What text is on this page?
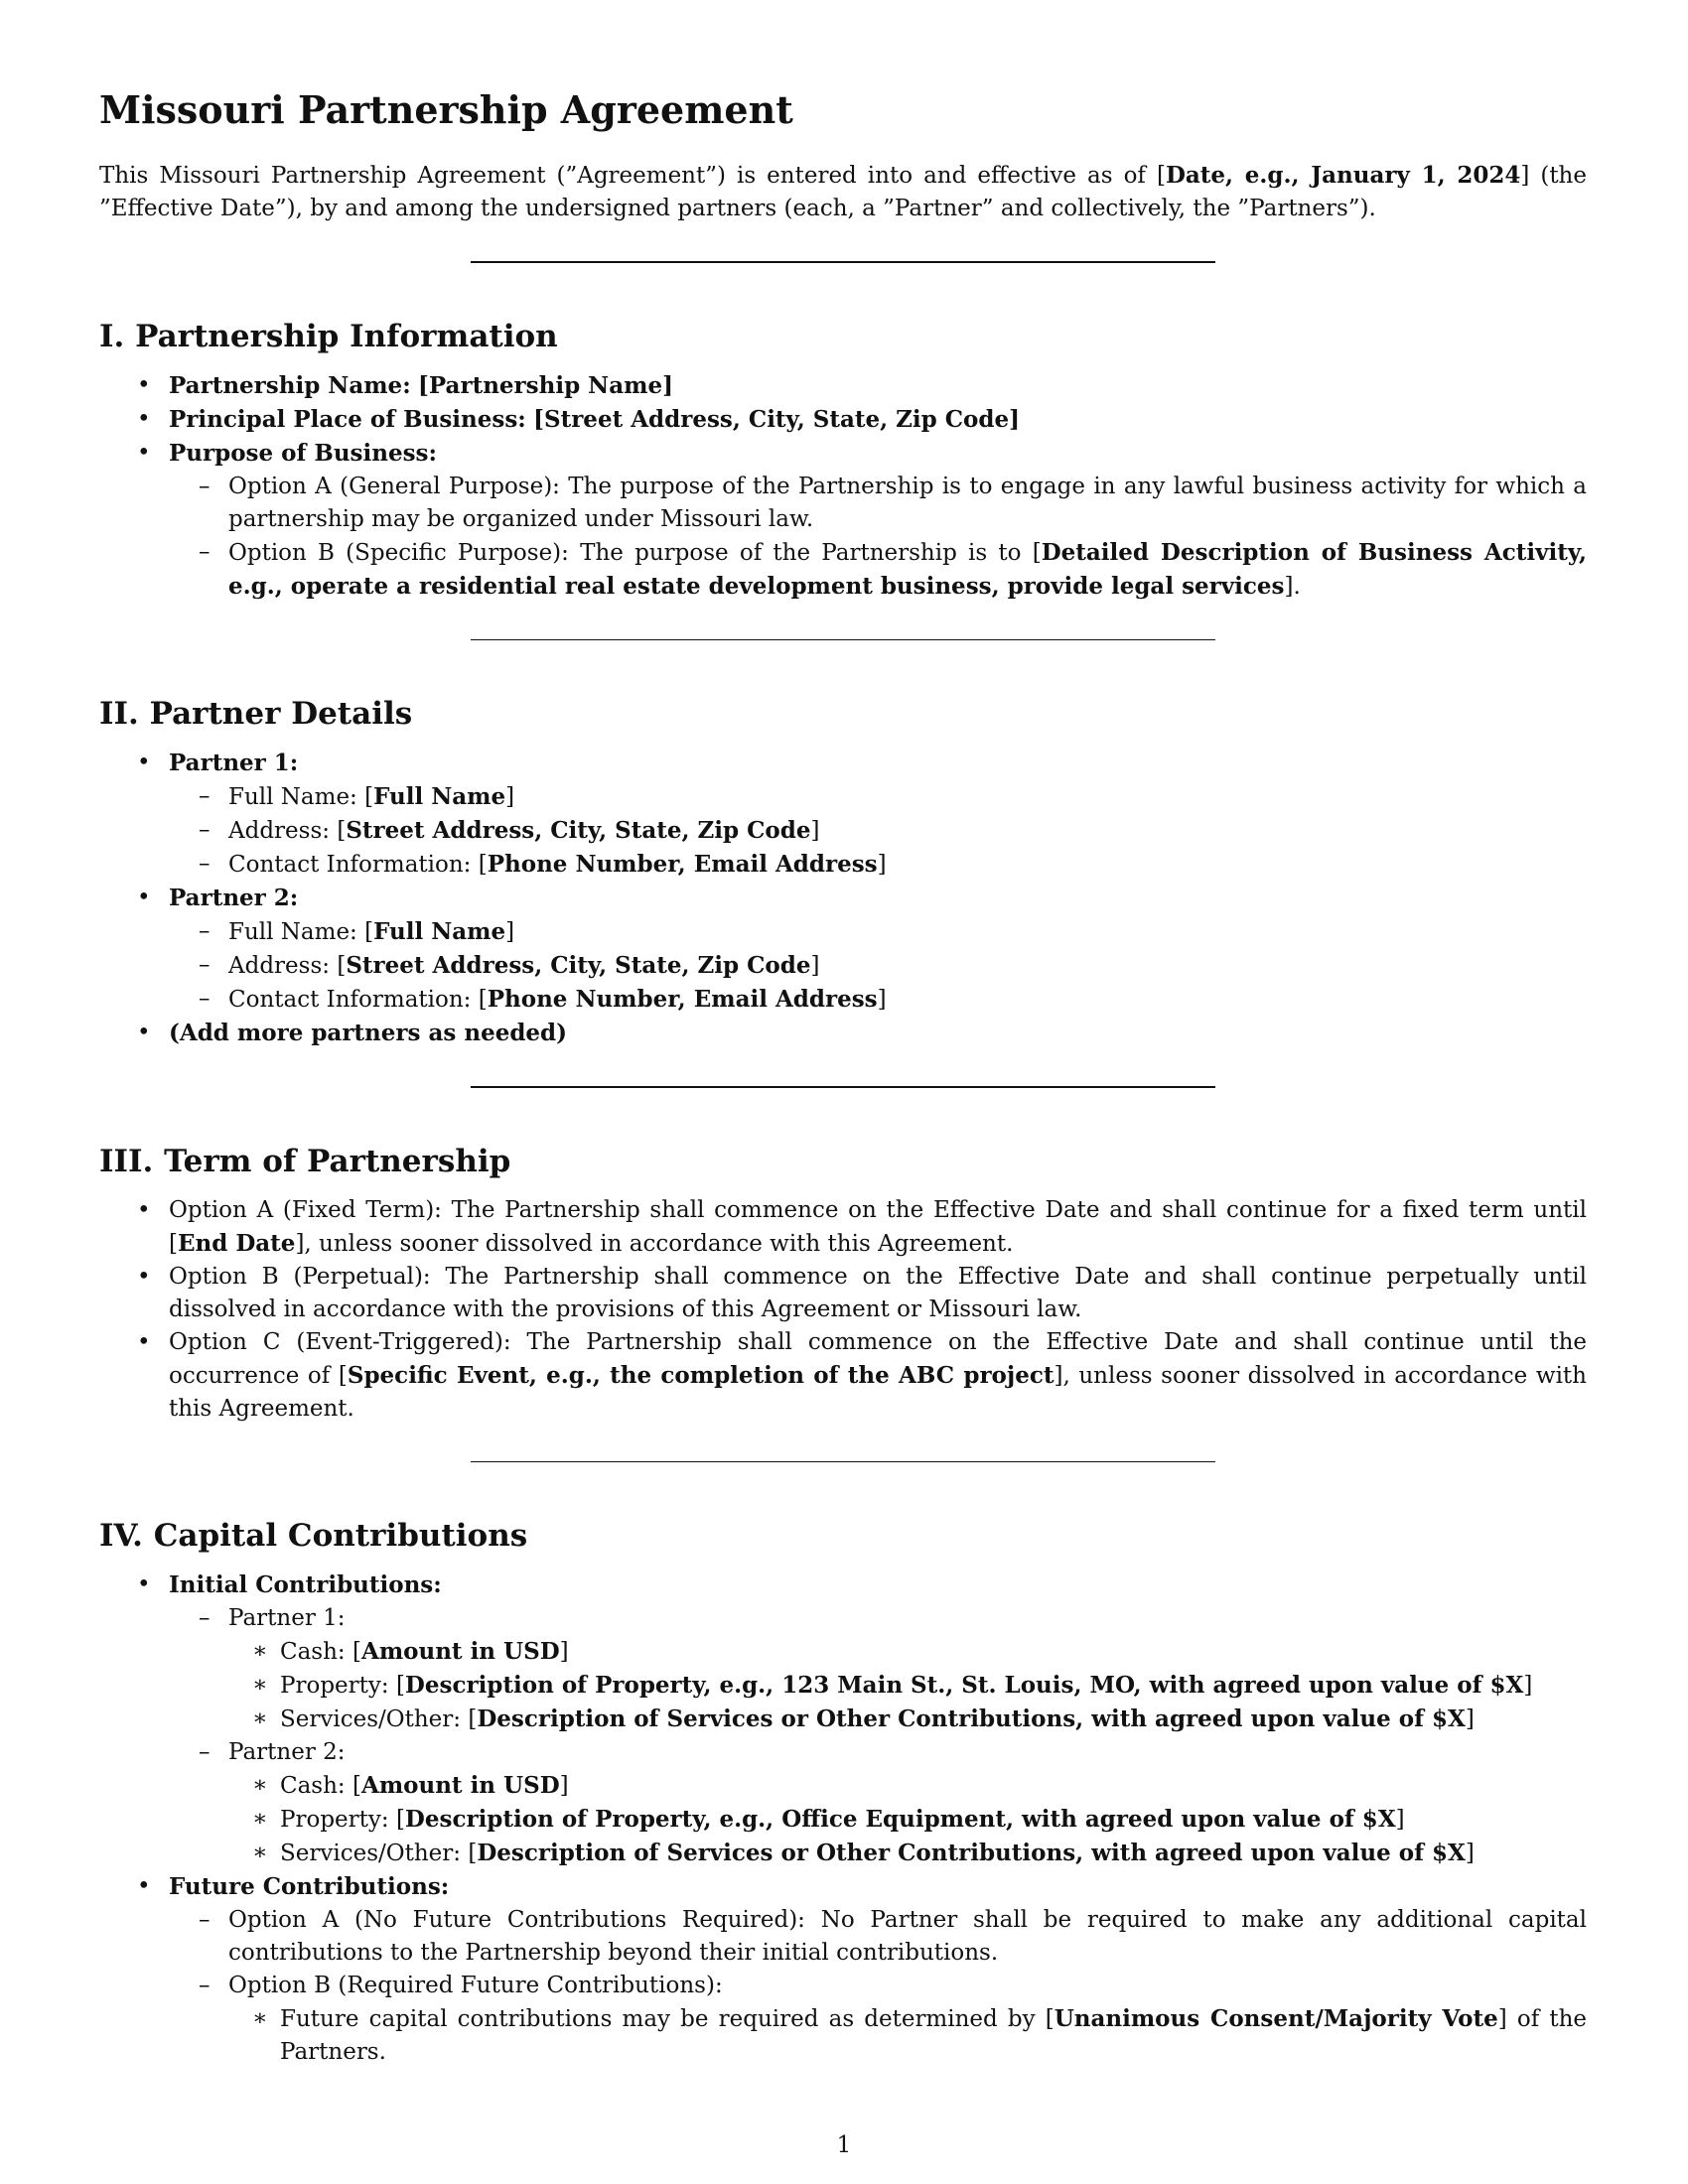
Missouri Partnership Agreement

This Missouri Partnership Agreement (”Agreement”) is entered into and effective as of [Date, e.g., January 1, 2024] (the ”Effective Date”), by and among the undersigned partners (each, a ”Partner” and collectively, the ”Partners”).

I. Partnership Information
• Partnership Name: [Partnership Name]
• Principal Place of Business: [Street Address, City, State, Zip Code]
• Purpose of Business:
– Option A (General Purpose): The purpose of the Partnership is to engage in any lawful business activity for which a partnership may be organized under Missouri law.
– Option B (Specific Purpose): The purpose of the Partnership is to [Detailed Description of Business Activity, e.g., operate a residential real estate development business, provide legal services].
II. Partner Details
• Partner 1:
– Full Name: [Full Name]
– Address: [Street Address, City, State, Zip Code]
– Contact Information: [Phone Number, Email Address]
• Partner 2:
– Full Name: [Full Name]
– Address: [Street Address, City, State, Zip Code]
– Contact Information: [Phone Number, Email Address]
• (Add more partners as needed)
III. Term of Partnership
• Option A (Fixed Term): The Partnership shall commence on the Effective Date and shall continue for a fixed term until [End Date], unless sooner dissolved in accordance with this Agreement.
• Option B (Perpetual): The Partnership shall commence on the Effective Date and shall continue perpetually until dissolved in accordance with the provisions of this Agreement or Missouri law.
• Option C (Event-Triggered): The Partnership shall commence on the Effective Date and shall continue until the occurrence of [Specific Event, e.g., the completion of the ABC project], unless sooner dissolved in accordance with this Agreement.
IV. Capital Contributions
• Initial Contributions:
– Partner 1:
∗ Cash: [Amount in USD]
∗ Property: [Description of Property, e.g., 123 Main St., St. Louis, MO, with agreed upon value of $X]
∗ Services/Other: [Description of Services or Other Contributions, with agreed upon value of $X]
– Partner 2:
∗ Cash: [Amount in USD]
∗ Property: [Description of Property, e.g., Office Equipment, with agreed upon value of $X]
∗ Services/Other: [Description of Services or Other Contributions, with agreed upon value of $X]
• Future Contributions:
– Option A (No Future Contributions Required): No Partner shall be required to make any additional capital contributions to the Partnership beyond their initial contributions.
– Option B (Required Future Contributions):
∗ Future capital contributions may be required as determined by [Unanimous Consent/Majority Vote] of the Partners.
1
